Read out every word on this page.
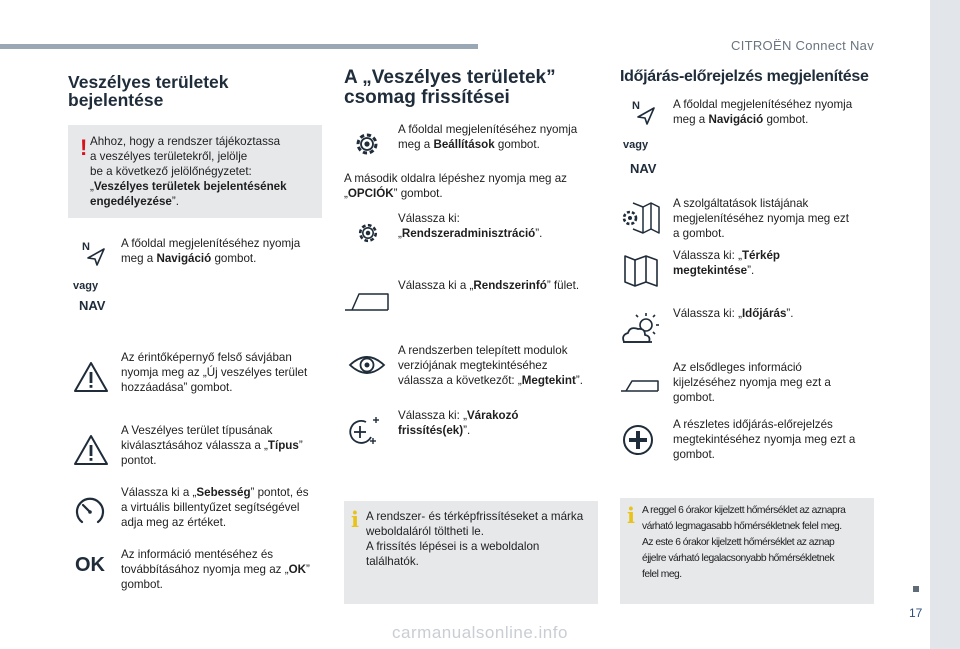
CITROËN Connect Nav
Veszélyes területek bejelentése
! Ahhoz, hogy a rendszer tájékoztassa
a veszélyes területekről, jelölje
be a következő jelölőnégyzetet:
„Veszélyes területek bejelentésének
engedélyezése”.
N
vagy
NAV
A főoldal megjelenítéséhez nyomja
meg a Navigáció gombot.
Az érintőképernyő felső sávjában
nyomja meg az „Új veszélyes terület
hozzáadása” gombot.
A Veszélyes terület típusának
kiválasztásához válassza a „Típus”
pontot.
Válassza ki a „Sebesség” pontot, és
a virtuális billentyűzet segítségével
adja meg az értéket.
OK Az információ mentéséhez és
továbbításához nyomja meg az „OK”
gombot.
A „Veszélyes területek” csomag frissítései
A főoldal megjelenítéséhez nyomja
meg a Beállítások gombot.
A második oldalra lépéshez nyomja meg az
„OPCIÓK” gombot.
Válassza ki:
„Rendszeradminisztráció”.
Válassza ki a „Rendszerinfó” fület.
A rendszerben telepített modulok
verziójának megtekintéséhez
válassza a következőt: „Megtekint”.
Válassza ki: „Várakozó
frissítés(ek)”.
i A rendszer- és térképfrissítéseket a márka
weboldaláról töltheti le.
A frissítés lépései is a weboldalon
találhatók.
Időjárás-előrejelzés megjelenítése
N
vagy
NAV
A főoldal megjelenítéséhez nyomja
meg a Navigáció gombot.
A szolgáltatások listájának
megjelenítéséhez nyomja meg ezt
a gombot.
Válassza ki: „Térkép
megtekintése”.
Válassza ki: „Időjárás”.
Az elsődleges információ
kijelzéséhez nyomja meg ezt a
gombot.
A részletes időjárás-előrejelzés
megtekintéséhez nyomja meg ezt a
gombot.
i A reggel 6 órakor kijelzett hőmérséklet az aznapra
várható legmagasabb hőmérsékletnek felel meg.
Az este 6 órakor kijelzett hőmérséklet az aznap
éjjelre várható legalacsonyabb hőmérsékletnek
felel meg.
17
carmanualsonline.info
